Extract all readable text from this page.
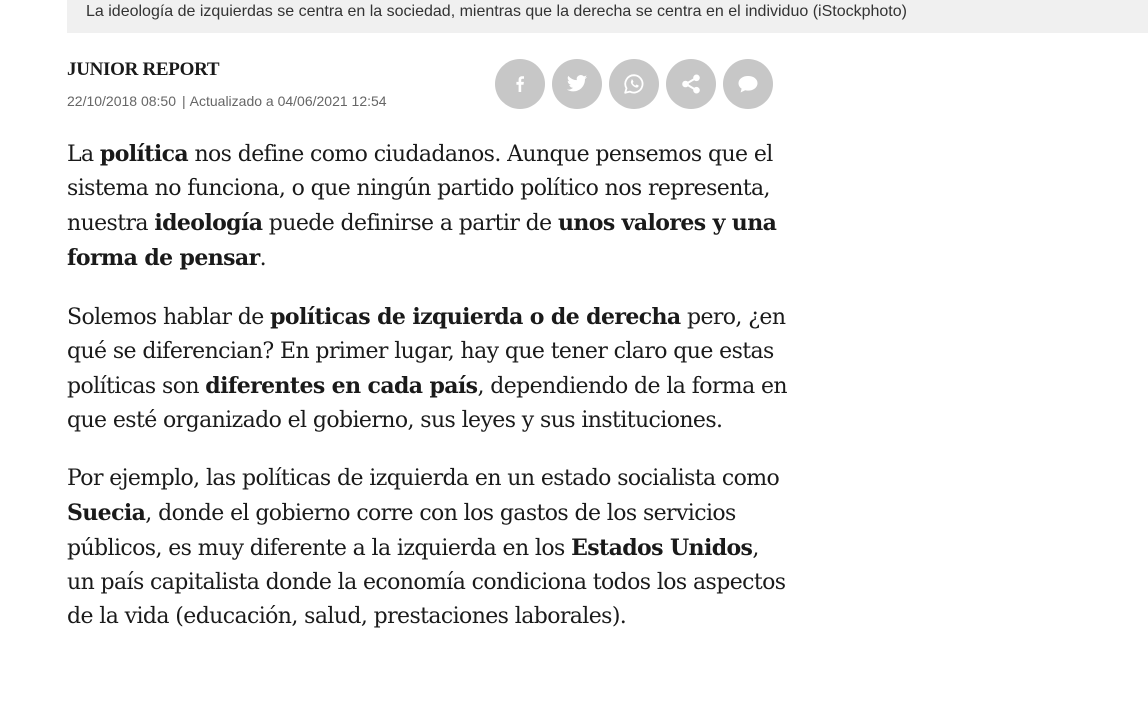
La ideología de izquierdas se centra en la sociedad, mientras que la derecha se centra en el individuo (iStockphoto)
JUNIOR REPORT
22/10/2018 08:50 | Actualizado a 04/06/2021 12:54

La política nos define como ciudadanos. Aunque pensemos que el sistema no funciona, o que ningún partido político nos representa, nuestra ideología puede definirse a partir de unos valores y una forma de pensar.

Solemos hablar de políticas de izquierda o de derecha pero, ¿en qué se diferencian? En primer lugar, hay que tener claro que estas políticas son diferentes en cada país, dependiendo de la forma en que esté organizado el gobierno, sus leyes y sus instituciones.

Por ejemplo, las políticas de izquierda en un estado socialista como Suecia, donde el gobierno corre con los gastos de los servicios públicos, es muy diferente a la izquierda en los Estados Unidos, un país capitalista donde la economía condiciona todos los aspectos de la vida (educación, salud, prestaciones laborales).
